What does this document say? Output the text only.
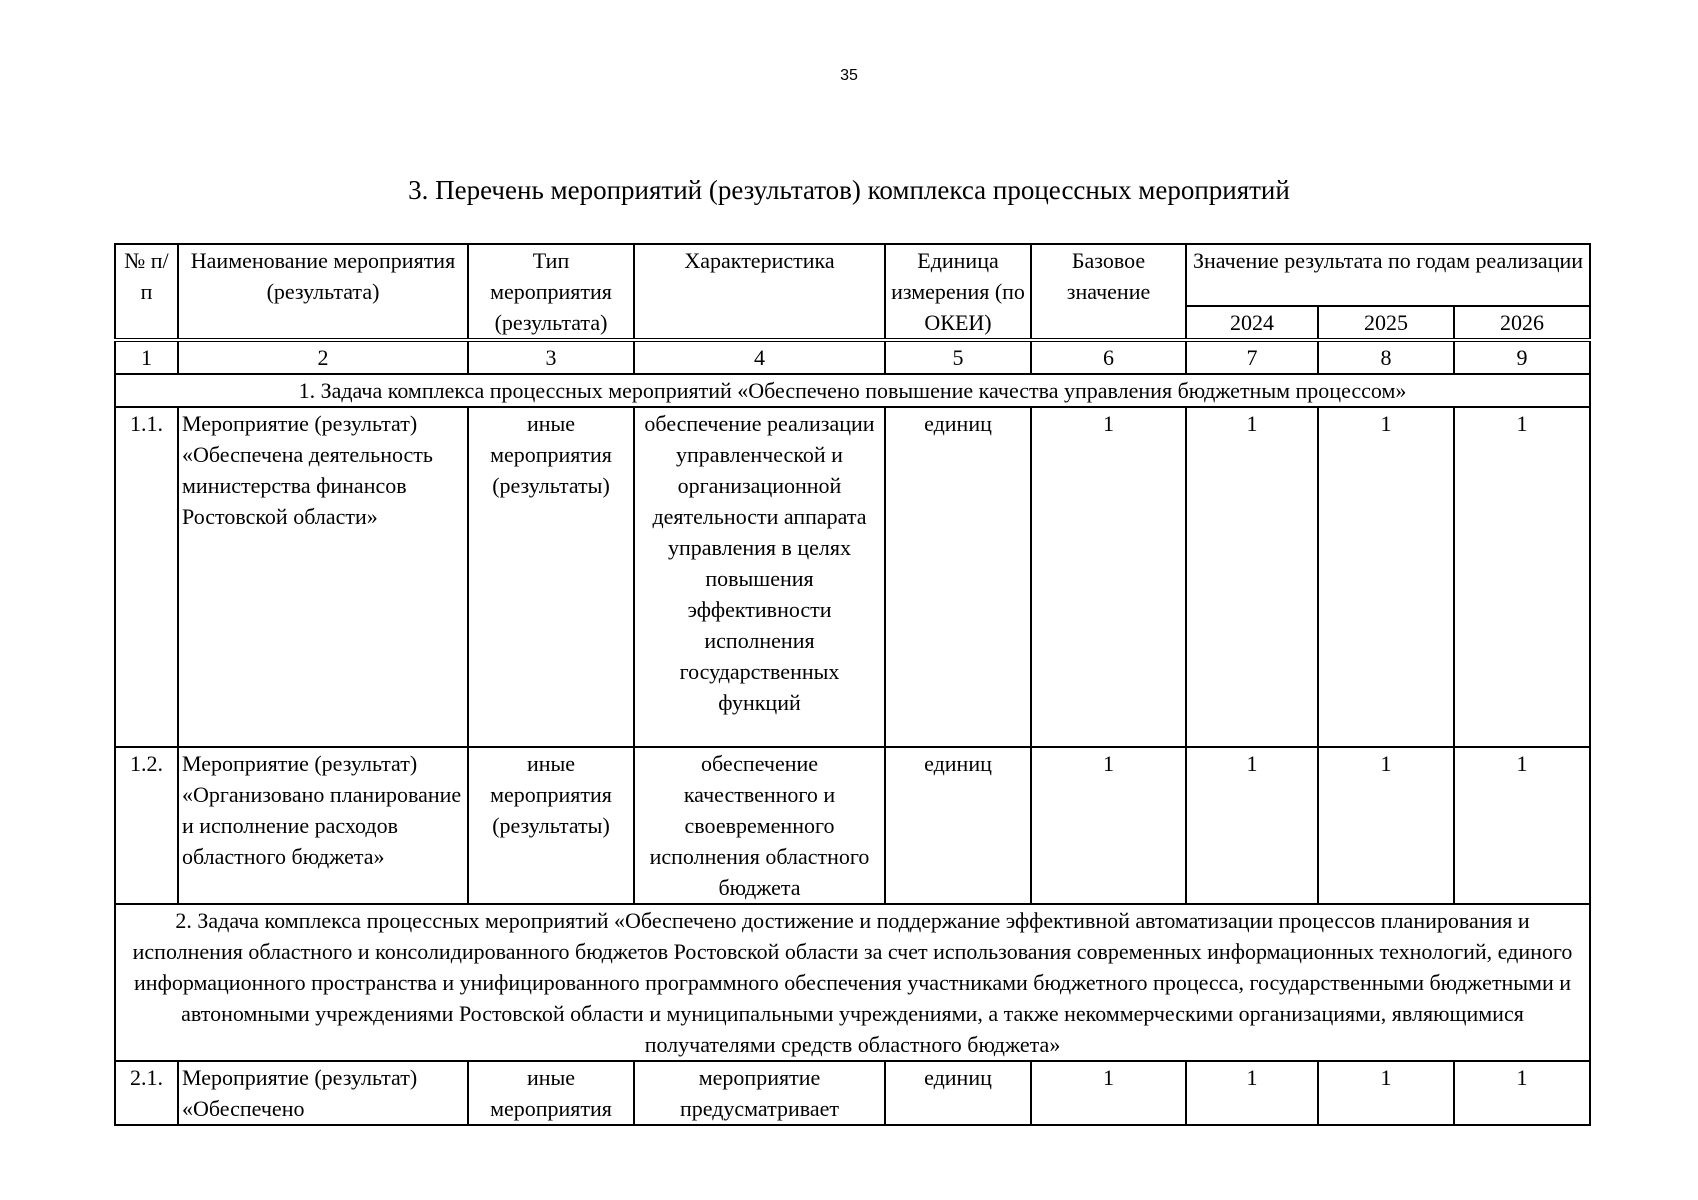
35
3. Перечень мероприятий (результатов) комплекса процессных мероприятий
№ п/п	Наименование мероприятия (результата)	Тип мероприятия (результата)	Характеристика	Единица измерения (по ОКЕИ)	Базовое значение	Значение результата по годам реализации		
						2024	2025	2026
1	2	3	4	5	6	7	8	9
1. Задача комплекса процессных мероприятий «Обеспечено повышение качества управления бюджетным процессом»								
1.1.	Мероприятие (результат) «Обеспечена деятельность министерства финансов Ростовской области»	иные мероприятия (результаты)	обеспечение реализации управленческой и организационной деятельности аппарата управления в целях повышения эффективности исполнения государственных функций	единиц	1	1	1	1
1.2.	Мероприятие (результат) «Организовано планирование и исполнение расходов областного бюджета»	иные мероприятия (результаты)	обеспечение качественного и своевременного исполнения областного бюджета	единиц	1	1	1	1
2. Задача комплекса процессных мероприятий «Обеспечено достижение и поддержание эффективной автоматизации процессов планирования и исполнения областного и консолидированного бюджетов Ростовской области за счет использования современных информационных технологий, единого информационного пространства и унифицированного программного обеспечения участниками бюджетного процесса, государственными бюджетными и автономными учреждениями Ростовской области и муниципальными учреждениями, а также некоммерческими организациями, являющимися получателями средств областного бюджета»								
2.1.	Мероприятие (результат) «Обеспечено	иные мероприятия	мероприятие предусматривает	единиц	1	1	1	1
